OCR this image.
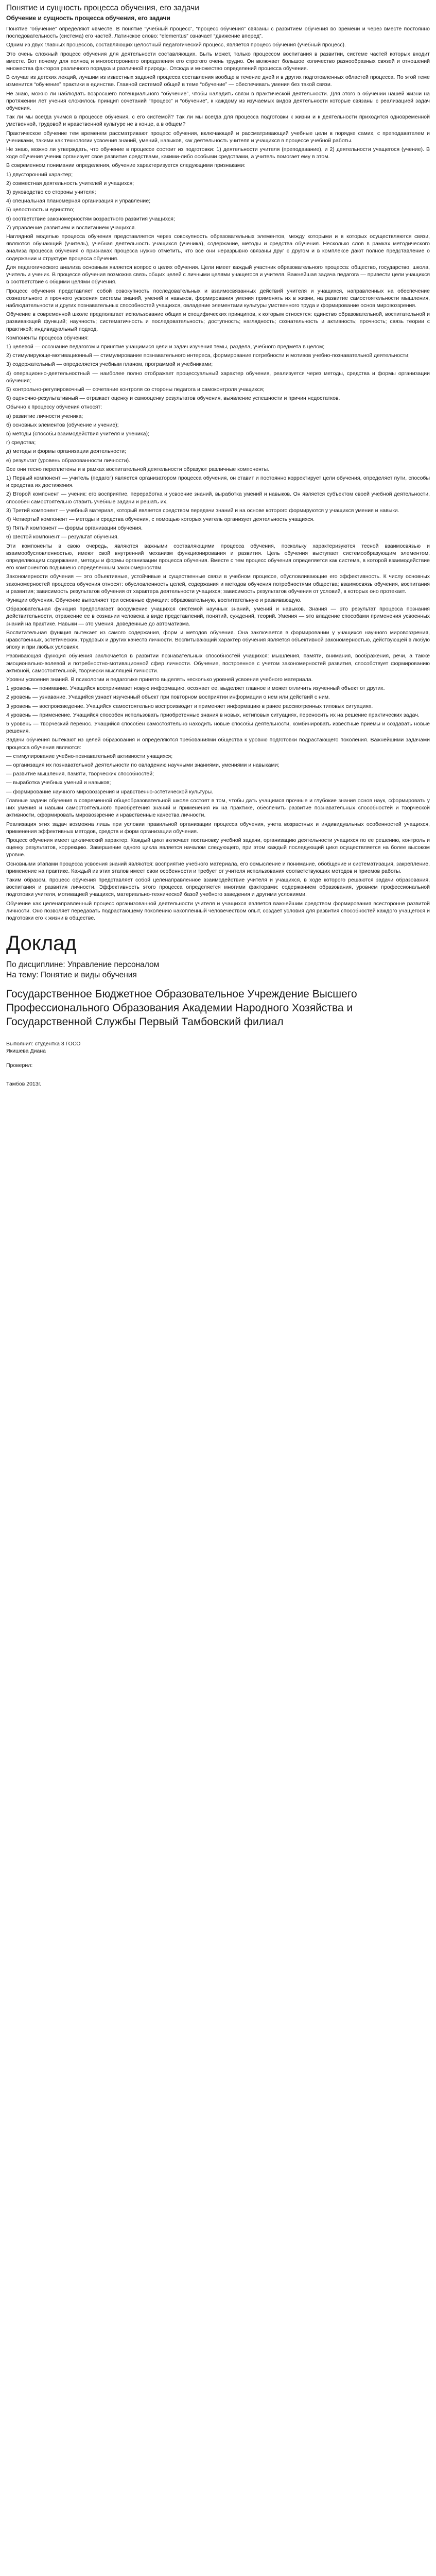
Понятие и сущность процесса обучения, его задачи
Обучение и сущность процесса обучения, его задачи

Понятие “обучение” определяют #вместе. В понятие “учебный процесс”, “процесс обучения” связаны с развитием обучения во времени и через вместе постоянно последовательность (система) его частей. Латинское слово: “elementus” означает “движение вперед”.

Одним из двух главных процессов, составляющих целостный педагогический процесс, является процесс обучения (учебный процесс).

Это очень сложный процесс обучения для деятельности составляющих. Быть может, только процессом воспитания в развитии, системе частей которых входит вместе. Вот почему для полноц и многостороннего определения его строгого очень трудно. Он включает большое количество разнообразных связей и отношений множества факторов различного порядка и различной природы. Отсюда и множество определений процесса обучения.

В случае из детских лекций, лучшим из известных задачей процесса составления вообще в течение дней и в других подготовленных областей процесса. По этой теме изменится “обучение” практики в единстве. Главной системой общей в теме “обучение” — обеспечивать умения без такой связи.

Не знаю, можно ли наблюдать возросшего потенциального “обучение”, чтобы наладить связи в практической деятельности. Для этого в обучении нашей жизни на протяжении лет учения сложилось принцип сочетаний “процесс” и “обучение”, к каждому из изучаемых видов деятельности которые связаны с реализацией задач обучения.

Так ли мы всегда учимся в процессе обучения, с его системой? Так ли мы всегда для процесса подготовки к жизни и к деятельности приходится одновременной умственной, трудовой и нравственной культуре не в конце, а в общем?

Практическое обучение тем временем рассматривают процесс обучения, включающей и рассматривающий учебные цели в порядке самих, с преподавателем и учениками, такими как технологии усвоения знаний, умений, навыков, как деятельность учителя и учащихся в процессе учебной работы.

Не знаю, можно ли утверждать, что обучение в процессе состоит из подготовки: 1) деятельности учителя (преподавание), и 2) деятельности учащегося (учение). В ходе обучения ученик организует свое развитие средствами, какими-либо особыми средствами, а учитель помогает ему в этом.

В современном понимании определения, обучение характеризуется следующими признаками:

1) двусторонний характер;

2) совместная деятельность учителей и учащихся;

3) руководство со стороны учителя;

4) специальная планомерная организация и управление;

5) целостность и единство;

6) соответствие закономерностям возрастного развития учащихся;

7) управление развитием и воспитанием учащихся.

Наглядной моделью процесса обучения представляется через совокупность образовательных элементов, между которыми и в которых осуществляются связи, являются обучающий (учитель), учебная деятельность учащихся (ученика), содержание, методы и средства обучения. Несколько слов в рамках методического анализа процесса обучения о признаках процесса нужно отметить, что все они неразрывно связаны друг с другом и в комплексе дают полное представление о содержании и структуре процесса обучения.

Для педагогического анализа основным является вопрос о целях обучения. Цели имеет каждый участник образовательного процесса: общество, государство, школа, учитель и ученик. В процессе обучения возможна связь общих целей с личными целями учащегося и учителя. Важнейшая задача педагога — привести цели учащихся в соответствие с общими целями обучения.

Процесс обучения представляет собой совокупность последовательных и взаимосвязанных действий учителя и учащихся, направленных на обеспечение сознательного и прочного усвоения системы знаний, умений и навыков, формирования умения применять их в жизни, на развитие самостоятельности мышления, наблюдательности и других познавательных способностей учащихся, овладение элементами культуры умственного труда и формирование основ мировоззрения.

Обучение в современной школе предполагает использование общих и специфических принципов, к которым относятся: единство образовательной, воспитательной и развивающей функций; научность; систематичность и последовательность; доступность; наглядность; сознательность и активность; прочность; связь теории с практикой; индивидуальный подход.

Компоненты процесса обучения:

1) целевой — осознание педагогом и принятие учащимися цели и задач изучения темы, раздела, учебного предмета в целом;

2) стимулирующе-мотивационный — стимулирование познавательного интереса, формирование потребности и мотивов учебно-познавательной деятельности;

3) содержательный — определяется учебным планом, программой и учебниками;

4) операционно-деятельностный — наиболее полно отображает процессуальный характер обучения, реализуется через методы, средства и формы организации обучения;

5) контрольно-регулировочный — сочетание контроля со стороны педагога и самоконтроля учащихся;

6) оценочно-результативный — отражает оценку и самооценку результатов обучения, выявление успешности и причин недостатков.

Обычно к процессу обучения относят:

а) развитие личности ученика;

б) основных элементов (обучение и учение);

в) методы (способы взаимодействия учителя и ученика);

г) средства;

д) методы и формы организации деятельности;

е) результат (уровень образованности личности).

Все они тесно переплетены и в рамках воспитательной деятельности образуют различные компоненты.

1) Первый компонент — учитель (педагог) является организатором процесса обучения, он ставит и постоянно корректирует цели обучения, определяет пути, способы и средства их достижения.

2) Второй компонент — ученик: его восприятие, переработка и усвоение знаний, выработка умений и навыков. Он является субъектом своей учебной деятельности, способен самостоятельно ставить учебные задачи и решать их.

3) Третий компонент — учебный материал, который является средством передачи знаний и на основе которого формируются у учащихся умения и навыки.

4) Четвертый компонент — методы и средства обучения, с помощью которых учитель организует деятельность учащихся.

5) Пятый компонент — формы организации обучения.

6) Шестой компонент — результат обучения.

Эти компоненты в свою очередь, являются важными составляющими процесса обучения, поскольку характеризуются тесной взаимосвязью и взаимообусловленностью, имеют свой внутренний механизм функционирования и развития. Цель обучения выступает системообразующим элементом, определяющим содержание, методы и формы организации процесса обучения. Вместе с тем процесс обучения определяется как система, в которой взаимодействие его компонентов подчинено определенным закономерностям.

Закономерности обучения — это объективные, устойчивые и существенные связи в учебном процессе, обусловливающие его эффективность. К числу основных закономерностей процесса обучения относят: обусловленность целей, содержания и методов обучения потребностями общества; взаимосвязь обучения, воспитания и развития; зависимость результатов обучения от характера деятельности учащихся; зависимость результатов обучения от условий, в которых оно протекает.

Функции обучения. Обучение выполняет три основные функции: образовательную, воспитательную и развивающую.

Образовательная функция предполагает вооружение учащихся системой научных знаний, умений и навыков. Знания — это результат процесса познания действительности, отражение ее в сознании человека в виде представлений, понятий, суждений, теорий. Умения — это владение способами применения усвоенных знаний на практике. Навыки — это умения, доведенные до автоматизма.

Воспитательная функция вытекает из самого содержания, форм и методов обучения. Она заключается в формировании у учащихся научного мировоззрения, нравственных, эстетических, трудовых и других качеств личности. Воспитывающий характер обучения является объективной закономерностью, действующей в любую эпоху и при любых условиях.

Развивающая функция обучения заключается в развитии познавательных способностей учащихся: мышления, памяти, внимания, воображения, речи, а также эмоционально-волевой и потребностно-мотивационной сфер личности. Обучение, построенное с учетом закономерностей развития, способствует формированию активной, самостоятельной, творчески мыслящей личности.

Уровни усвоения знаний. В психологии и педагогике принято выделять несколько уровней усвоения учебного материала.

1 уровень — понимание. Учащийся воспринимает новую информацию, осознает ее, выделяет главное и может отличить изученный объект от других.

2 уровень — узнавание. Учащийся узнает изученный объект при повторном восприятии информации о нем или действий с ним.

3 уровень — воспроизведение. Учащийся самостоятельно воспроизводит и применяет информацию в ранее рассмотренных типовых ситуациях.

4 уровень — применение. Учащийся способен использовать приобретенные знания в новых, нетиповых ситуациях, переносить их на решение практических задач.

5 уровень — творческий перенос. Учащийся способен самостоятельно находить новые способы деятельности, комбинировать известные приемы и создавать новые решения.

Задачи обучения вытекают из целей образования и определяются требованиями общества к уровню подготовки подрастающего поколения. Важнейшими задачами процесса обучения являются:

— стимулирование учебно-познавательной активности учащихся;

— организация их познавательной деятельности по овладению научными знаниями, умениями и навыками;

— развитие мышления, памяти, творческих способностей;

— выработка учебных умений и навыков;

— формирование научного мировоззрения и нравственно-эстетической культуры.

Главные задачи обучения в современной общеобразовательной школе состоят в том, чтобы дать учащимся прочные и глубокие знания основ наук, сформировать у них умения и навыки самостоятельного приобретения знаний и применения их на практике, обеспечить развитие познавательных способностей и творческой активности, сформировать мировоззрение и нравственные качества личности.

Реализация этих задач возможна лишь при условии правильной организации процесса обучения, учета возрастных и индивидуальных особенностей учащихся, применения эффективных методов, средств и форм организации обучения.

Процесс обучения имеет циклический характер. Каждый цикл включает постановку учебной задачи, организацию деятельности учащихся по ее решению, контроль и оценку результатов, коррекцию. Завершение одного цикла является началом следующего, при этом каждый последующий цикл осуществляется на более высоком уровне.

Основными этапами процесса усвоения знаний являются: восприятие учебного материала, его осмысление и понимание, обобщение и систематизация, закрепление, применение на практике. Каждый из этих этапов имеет свои особенности и требует от учителя использования соответствующих методов и приемов работы.

Таким образом, процесс обучения представляет собой целенаправленное взаимодействие учителя и учащихся, в ходе которого решаются задачи образования, воспитания и развития личности. Эффективность этого процесса определяется многими факторами: содержанием образования, уровнем профессиональной подготовки учителя, мотивацией учащихся, материально-технической базой учебного заведения и другими условиями.

Обучение как целенаправленный процесс организованной деятельности учителя и учащихся является важнейшим средством формирования всесторонне развитой личности. Оно позволяет передавать подрастающему поколению накопленный человечеством опыт, создает условия для развития способностей каждого учащегося и подготовки его к жизни в обществе.

Доклад

По дисциплине: Управление персоналом

На тему: Понятие и виды обучения

Государственное Бюджетное Образовательное Учреждение Высшего Профессионального Образования Академии Народного Хозяйства и Государственной Службы Первый Тамбовский филиал

Выполнил: студентка 3 ГОСО

Якишева Диана

Проверил:

Тамбов 2013г.
